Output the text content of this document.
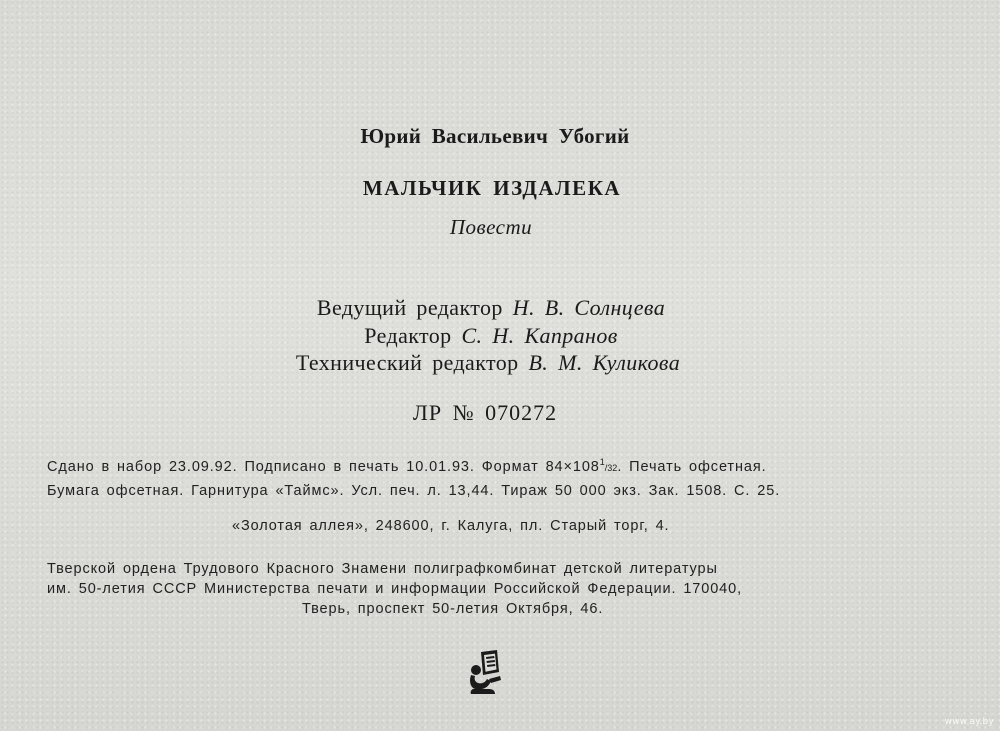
Юрий Васильевич Убогий
МАЛЬЧИК ИЗДАЛЕКА
Повести
Ведущий редактор Н. В. Солнцева
Редактор С. Н. Капранов
Технический редактор В. М. Куликова
ЛР № 070272
Сдано в набор 23.09.92. Подписано в печать 10.01.93. Формат $84\times 108^1/32$. Печать офсетная.
Бумага офсетная. Гарнитура «Таймс». Усл. печ. л. 13,44. Тираж 50 000 экз. Зак. 1508. С. 25.
«Золотая аллея», 248600, г. Калуга, пл. Старый торг, 4.
Тверской ордена Трудового Красного Знамени полиграфкомбинат детской литературы
им. 50-летия СССР Министерства печати и информации Российской Федерации. 170040,
Тверь, проспект 50-летия Октября, 46.
www.ay.by
